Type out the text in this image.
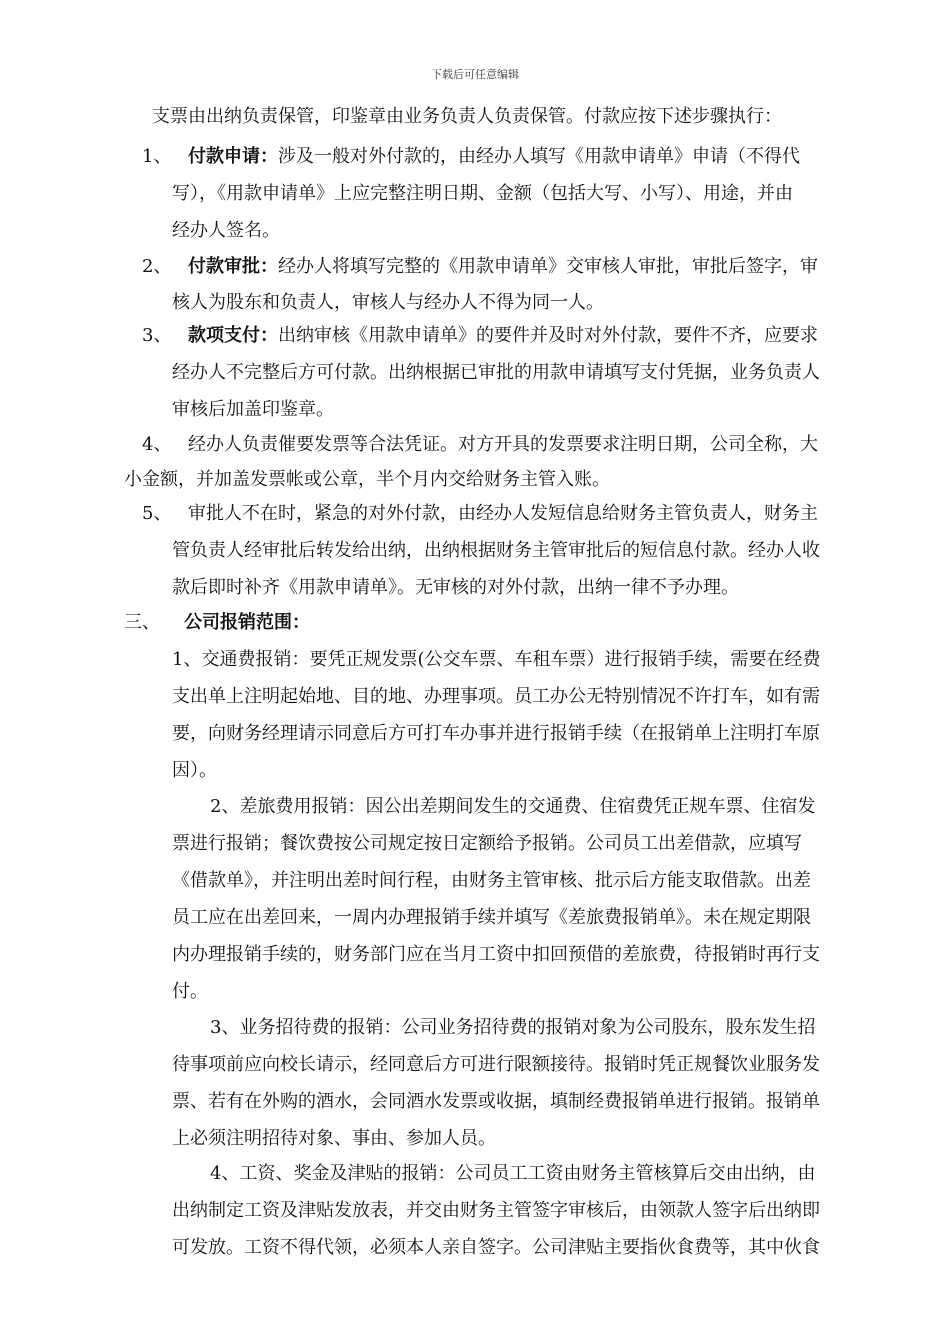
下载后可任意编辑
支票由出纳负责保管，印鉴章由业务负责人负责保管。付款应按下述步骤执行：
1、 付款申请：涉及一般对外付款的，由经办人填写《用款申请单》申请（不得代
写），《用款申请单》上应完整注明日期、金额（包括大写、小写）、用途，并由
经办人签名。
2、 付款审批：经办人将填写完整的《用款申请单》交审核人审批，审批后签字，审
核人为股东和负责人，审核人与经办人不得为同一人。
3、 款项支付：出纳审核《用款申请单》的要件并及时对外付款，要件不齐，应要求
经办人不完整后方可付款。出纳根据已审批的用款申请填写支付凭据，业务负责人
审核后加盖印鉴章。
4、 经办人负责催要发票等合法凭证。对方开具的发票要求注明日期，公司全称，大
小金额，并加盖发票帐或公章，半个月内交给财务主管入账。
5、 审批人不在时，紧急的对外付款，由经办人发短信息给财务主管负责人，财务主
管负责人经审批后转发给出纳，出纳根据财务主管审批后的短信息付款。经办人收
款后即时补齐《用款申请单》。无审核的对外付款，出纳一律不予办理。
三、 公司报销范围：
1、交通费报销：要凭正规发票(公交车票、车租车票）进行报销手续，需要在经费
支出单上注明起始地、目的地、办理事项。员工办公无特别情况不许打车，如有需
要，向财务经理请示同意后方可打车办事并进行报销手续（在报销单上注明打车原
因）。
2、差旅费用报销：因公出差期间发生的交通费、住宿费凭正规车票、住宿发
票进行报销；餐饮费按公司规定按日定额给予报销。公司员工出差借款，应填写
《借款单》，并注明出差时间行程，由财务主管审核、批示后方能支取借款。出差
员工应在出差回来，一周内办理报销手续并填写《差旅费报销单》。未在规定期限
内办理报销手续的，财务部门应在当月工资中扣回预借的差旅费，待报销时再行支
付。
3、业务招待费的报销：公司业务招待费的报销对象为公司股东，股东发生招
待事项前应向校长请示，经同意后方可进行限额接待。报销时凭正规餐饮业服务发
票、若有在外购的酒水，会同酒水发票或收据，填制经费报销单进行报销。报销单
上必须注明招待对象、事由、参加人员。
4、工资、奖金及津贴的报销：公司员工工资由财务主管核算后交由出纳，由
出纳制定工资及津贴发放表，并交由财务主管签字审核后，由领款人签字后出纳即
可发放。工资不得代领，必须本人亲自签字。公司津贴主要指伙食费等，其中伙食
